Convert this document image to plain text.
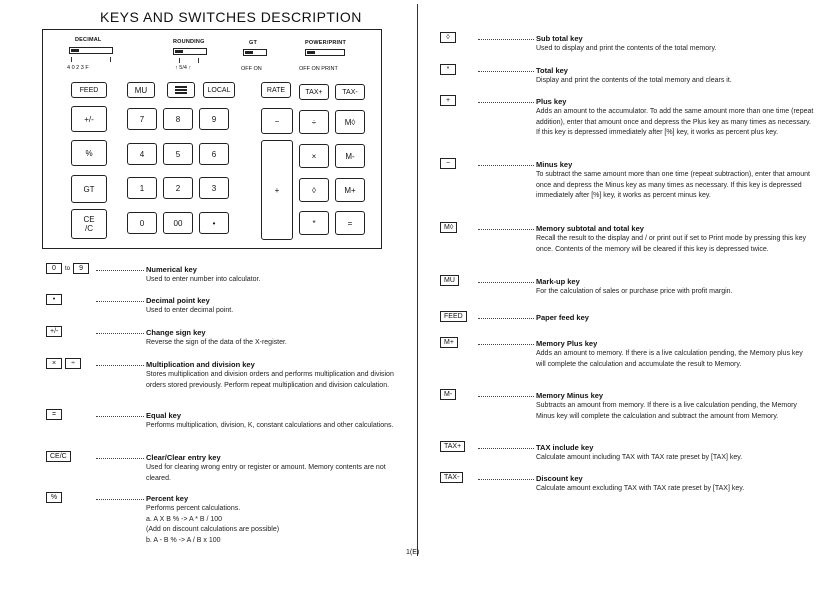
KEYS AND SWITCHES DESCRIPTION
1(E)
DECIMAL
4 0 2 3 F
ROUNDING
↑ 5/4 ↑
GT
OFF ON
POWER/PRINT
OFF ON PRINT
FEED	MU	LOCAL	RATE	TAX+	TAX-
+/-
%
GT
CE
/C
7	8	9
4	5	6
1	2	3
0	00	•
−
+
÷
×
◊
*
M◊
M-
M+
=
0	to	9	Numerical key
Used to enter number into calculator.
•	Decimal point key
Used to enter decimal point.
+/-	Change sign key
Reverse the sign of the data of the X-register.
×	÷	Multiplication and division key
Stores multiplication and division orders and performs multiplication and division orders stored previously. Perform repeat multiplication and division calculation.
=	Equal key
Performs multiplication, division, K, constant calculations and other calculations.
CE/C	Clear/Clear entry key
Used for clearing wrong entry or register or amount. Memory contents are not cleared.
%	Percent key
Performs percent calculations.
a. A X B % -> A * B / 100
(Add on discount calculations are possible)
b. A - B % -> A / B x 100
◊	Sub total key
Used to display and print the contents of the total memory.
*	Total key
Display and print the contents of the total memory and clears it.
+	Plus key
Adds an amount to the accumulator. To add the same amount more than one time (repeat addition), enter that amount once and depress the Plus key as many times as necessary. If this key is depressed immediately after [%] key, it works as percent plus key.
−	Minus key
To subtract the same amount more than one time (repeat subtraction), enter that amount once and depress the Minus key as many times as necessary. If this key is depressed immediately after [%] key, it works as percent minus key.
M◊	Memory subtotal and total key
Recall the result to the display and / or print out if set to Print mode by pressing this key once. Contents of the memory will be cleared if this key is depressed twice.
MU	Mark-up key
For the calculation of sales or purchase price with profit margin.
FEED	Paper feed key
M+	Memory Plus key
Adds an amount to memory. If there is a live calculation pending, the Memory plus key will complete the calculation and accumulate the result to Memory.
M-	Memory Minus key
Subtracts an amount from memory. If there is a live calculation pending, the Memory Minus key will complete the calculation and subtract the amount from Memory.
TAX+	TAX include key
Calculate amount including TAX with TAX rate preset by [TAX] key.
TAX-	Discount key
Calculate amount excluding TAX with TAX rate preset by [TAX] key.
